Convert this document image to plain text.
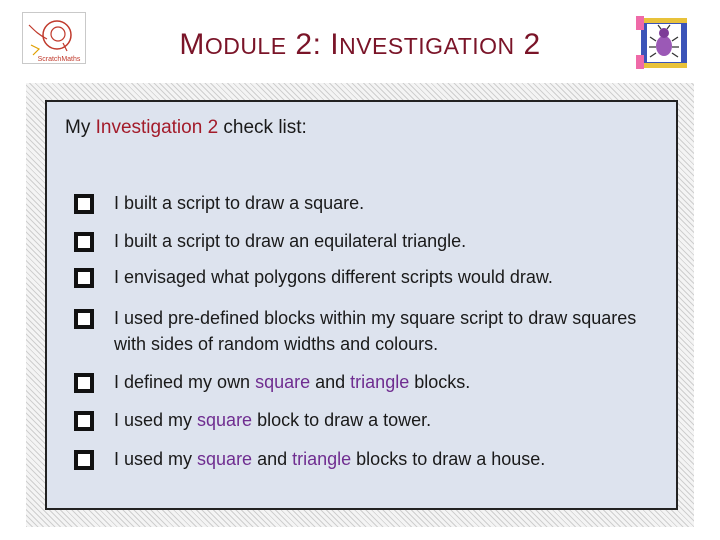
ScratchMaths	MODULE 2: INVESTIGATION 2
My Investigation 2 check list:
I built a script to draw a square.
I built a script to draw an equilateral triangle.
I envisaged what polygons different scripts would draw.
I used pre-defined blocks within my square script to draw squares with sides of random widths and colours.
I defined my own square and triangle blocks.
I used my square block to draw a tower.
I used my square and triangle blocks to draw a house.
